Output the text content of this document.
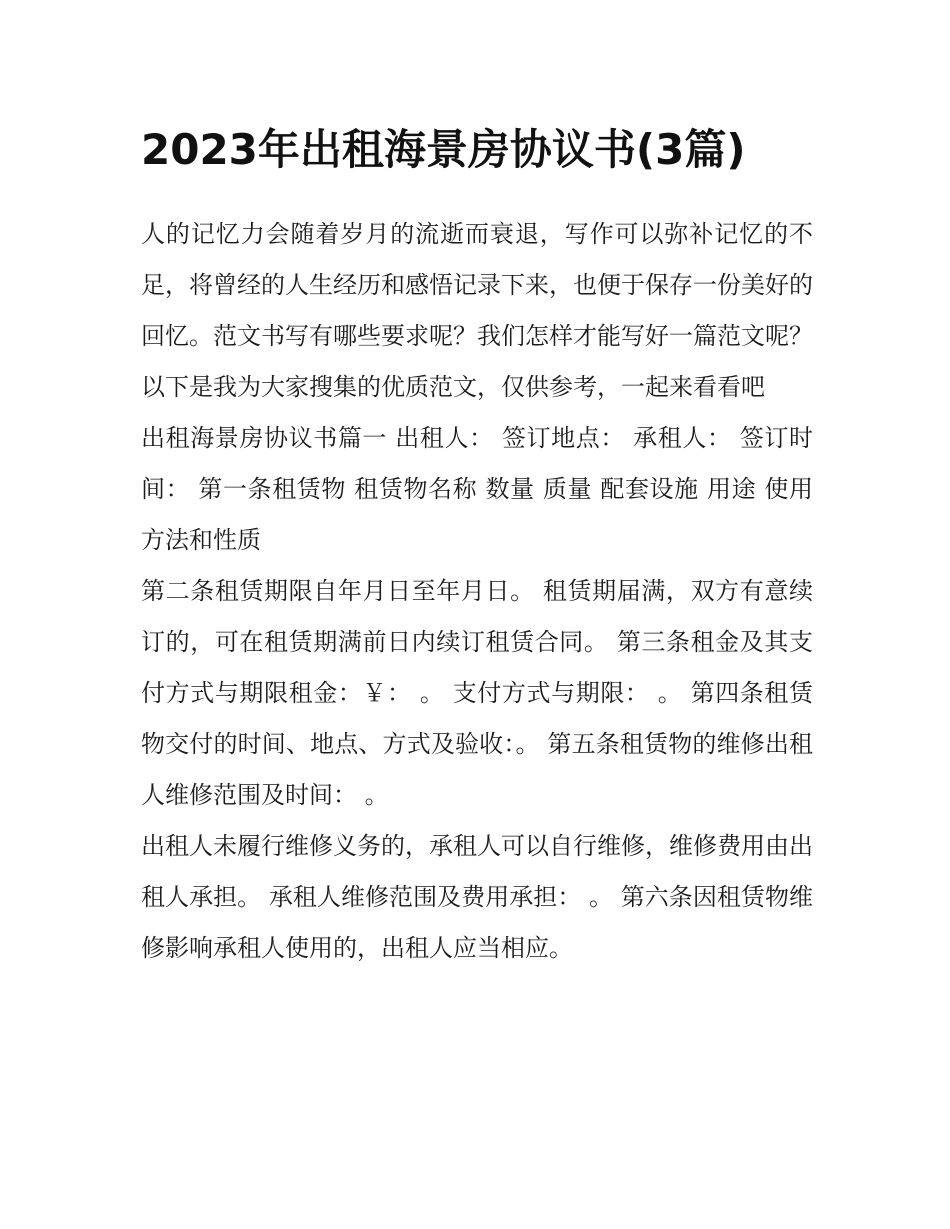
2023年出租海景房协议书(3篇)

人的记忆力会随着岁月的流逝而衰退，写作可以弥补记忆的不足，将曾经的人生经历和感悟记录下来，也便于保存一份美好的回忆。范文书写有哪些要求呢？我们怎样才能写好一篇范文呢？以下是我为大家搜集的优质范文，仅供参考，一起来看看吧

出租海景房协议书篇一 出租人： 签订地点： 承租人： 签订时间： 第一条租赁物 租赁物名称 数量 质量 配套设施 用途 使用方法和性质

第二条租赁期限自年月日至年月日。 租赁期届满，双方有意续订的，可在租赁期满前日内续订租赁合同。 第三条租金及其支付方式与期限租金：￥： 。 支付方式与期限： 。 第四条租赁物交付的时间、地点、方式及验收：。 第五条租赁物的维修出租人维修范围及时间： 。

出租人未履行维修义务的，承租人可以自行维修，维修费用由出租人承担。 承租人维修范围及费用承担： 。 第六条因租赁物维修影响承租人使用的，出租人应当相应。
